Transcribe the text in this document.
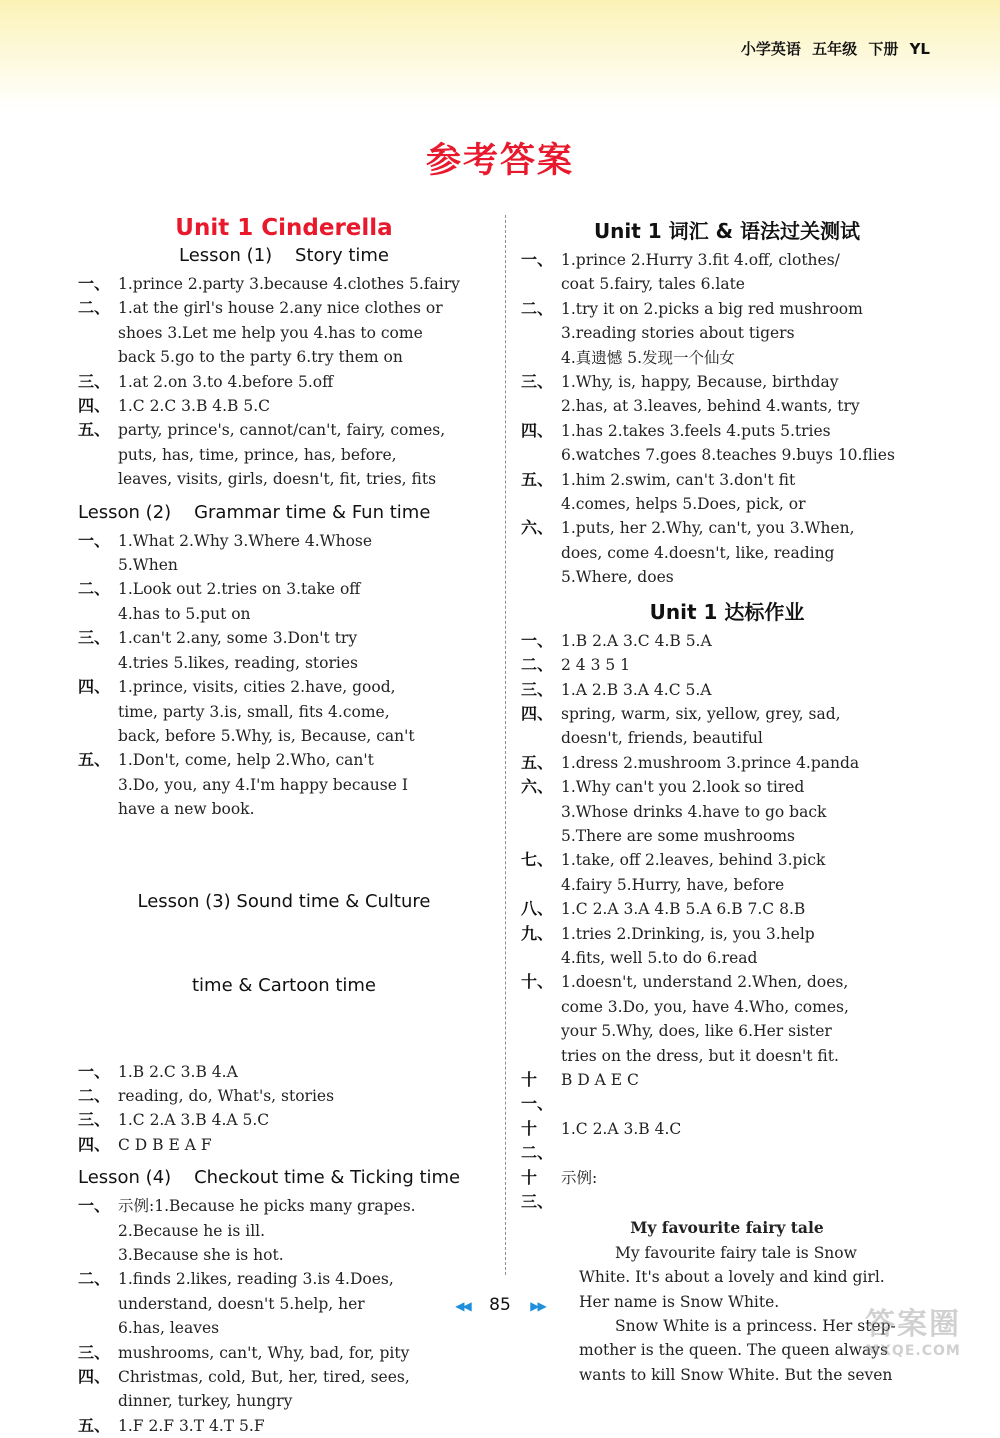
小学英语 五年级 下册 YL
参考答案
Unit 1 Cinderella
Lesson (1)    Story time
一、 1.prince 2.party 3.because 4.clothes 5.fairy
二、 1.at the girl's house 2.any nice clothes or
shoes 3.Let me help you 4.has to come
back 5.go to the party 6.try them on
三、 1.at 2.on 3.to 4.before 5.off
四、 1.C 2.C 3.B 4.B 5.C
五、 party, prince's, cannot/can't, fairy, comes,
puts, has, time, prince, has, before,
leaves, visits, girls, doesn't, fit, tries, fits
Lesson (2)    Grammar time & Fun time
一、 1.What 2.Why 3.Where 4.Whose
5.When
二、 1.Look out 2.tries on 3.take off
4.has to 5.put on
三、 1.can't 2.any, some 3.Don't try
4.tries 5.likes, reading, stories
四、 1.prince, visits, cities 2.have, good,
time, party 3.is, small, fits 4.come,
back, before 5.Why, is, Because, can't
五、 1.Don't, come, help 2.Who, can't
3.Do, you, any 4.I'm happy because I
have a new book.

Lesson (3) Sound time & Culture

time & Cartoon time

一、 1.B 2.C 3.B 4.A
二、 reading, do, What's, stories
三、 1.C 2.A 3.B 4.A 5.C
四、 C D B E A F
Lesson (4)    Checkout time & Ticking time
一、 示例:1.Because he picks many grapes.
2.Because he is ill.
3.Because she is hot.
二、 1.finds 2.likes, reading 3.is 4.Does,
understand, doesn't 5.help, her
6.has, leaves
三、 mushrooms, can't, Why, bad, for, pity
四、 Christmas, cold, But, her, tired, sees,
dinner, turkey, hungry
五、 1.F 2.F 3.T 4.T 5.F
Unit 1 词汇 & 语法过关测试
一、 1.prince 2.Hurry 3.fit 4.off, clothes/
coat 5.fairy, tales 6.late
二、 1.try it on 2.picks a big red mushroom
3.reading stories about tigers
4.真遗憾 5.发现一个仙女
三、 1.Why, is, happy, Because, birthday
2.has, at 3.leaves, behind 4.wants, try
四、 1.has 2.takes 3.feels 4.puts 5.tries
6.watches 7.goes 8.teaches 9.buys 10.flies
五、 1.him 2.swim, can't 3.don't fit
4.comes, helps 5.Does, pick, or
六、 1.puts, her 2.Why, can't, you 3.When,
does, come 4.doesn't, like, reading
5.Where, does
Unit 1 达标作业
一、 1.B 2.A 3.C 4.B 5.A
二、 2 4 3 5 1
三、 1.A 2.B 3.A 4.C 5.A
四、 spring, warm, six, yellow, grey, sad,
doesn't, friends, beautiful
五、 1.dress 2.mushroom 3.prince 4.panda
六、 1.Why can't you 2.look so tired
3.Whose drinks 4.have to go back
5.There are some mushrooms
七、 1.take, off 2.leaves, behind 3.pick
4.fairy 5.Hurry, have, before
八、 1.C 2.A 3.A 4.B 5.A 6.B 7.C 8.B
九、 1.tries 2.Drinking, is, you 3.help
4.fits, well 5.to do 6.read
十、 1.doesn't, understand 2.When, does,
come 3.Do, you, have 4.Who, comes,
your 5.Why, does, like 6.Her sister
tries on the dress, but it doesn't fit.
十一、
B D A E C
十二、
1.C 2.A 3.B 4.C
十三、
示例:
My favourite fairy tale
My favourite fairy tale is Snow
White. It's about a lovely and kind girl.
Her name is Snow White.
Snow White is a princess. Her step-
mother is the queen. The queen always
wants to kill Snow White. But the seven
◀◀ 85 ▶▶
答案圈
MXQE.COM
